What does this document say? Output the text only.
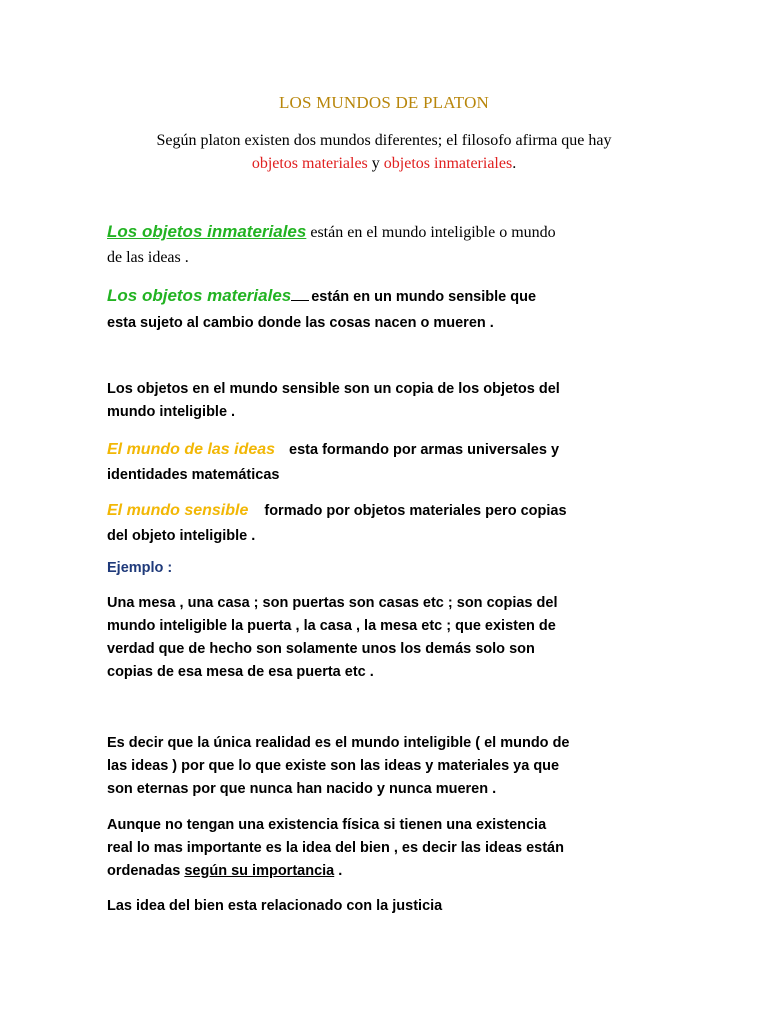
LOS MUNDOS DE PLATON
Según platon existen dos mundos diferentes; el filosofo afirma que hay
objetos materiales y objetos inmateriales.
Los objetos inmateriales están en el mundo inteligible o mundo
de las ideas .
Los objetos materiales están en un mundo sensible que
esta sujeto al cambio donde las cosas nacen o mueren .
Los objetos en el mundo sensible son un copia de los objetos del
mundo inteligible .
El mundo de las ideas esta formando por armas universales y
identidades matemáticas
El mundo sensible formado por objetos materiales pero copias
del objeto inteligible .
Ejemplo :
Una mesa , una casa ; son puertas son casas etc ; son copias del
mundo inteligible la puerta , la casa , la mesa etc ; que existen de
verdad que de hecho son solamente unos los demás solo son
copias de esa mesa de esa puerta etc .
Es decir que la única realidad es el mundo inteligible ( el mundo de
las ideas ) por que lo que existe son las ideas y materiales ya que
son eternas por que nunca han nacido y nunca mueren .
Aunque no tengan una existencia física si tienen una existencia
real lo mas importante es la idea del bien , es decir las ideas están
ordenadas según su importancia .
Las idea del bien esta relacionado con la justicia
